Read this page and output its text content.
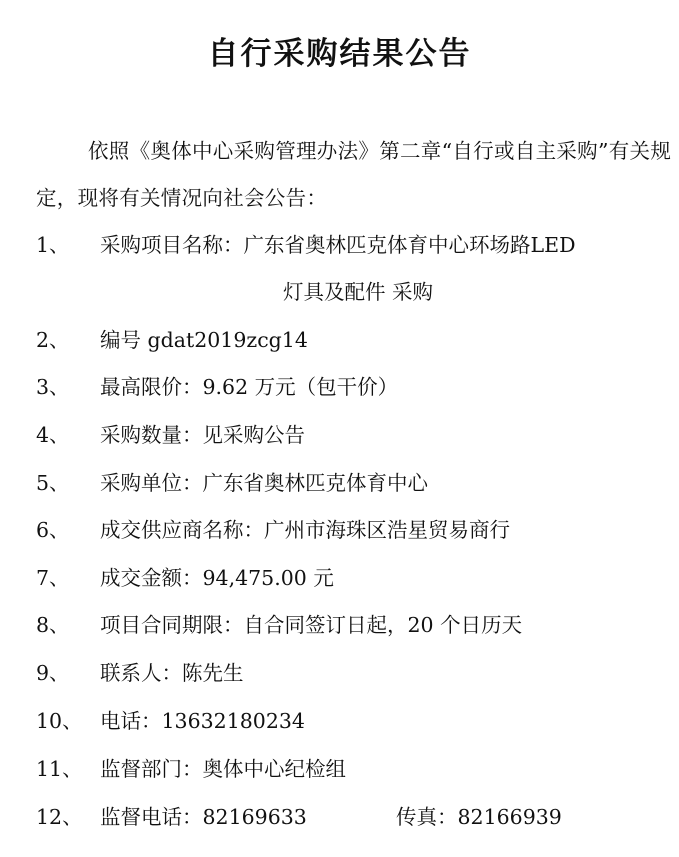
自行采购结果公告
依照《奥体中心采购管理办法》第二章“自行或自主采购”有关规定，现将有关情况向社会公告：
1、 采购项目名称：广东省奥林匹克体育中心环场路LED
灯具及配件 采购
2、 编号 gdat2019zcg14
3、 最高限价：9.62 万元（包干价）
4、 采购数量：见采购公告
5、 采购单位：广东省奥林匹克体育中心
6、 成交供应商名称：广州市海珠区浩星贸易商行
7、 成交金额：94,475.00 元
8、 项目合同期限：自合同签订日起，20 个日历天
9、 联系人：陈先生
10、 电话：13632180234
11、 监督部门：奥体中心纪检组
12、 监督电话：82169633	传真：82166939
